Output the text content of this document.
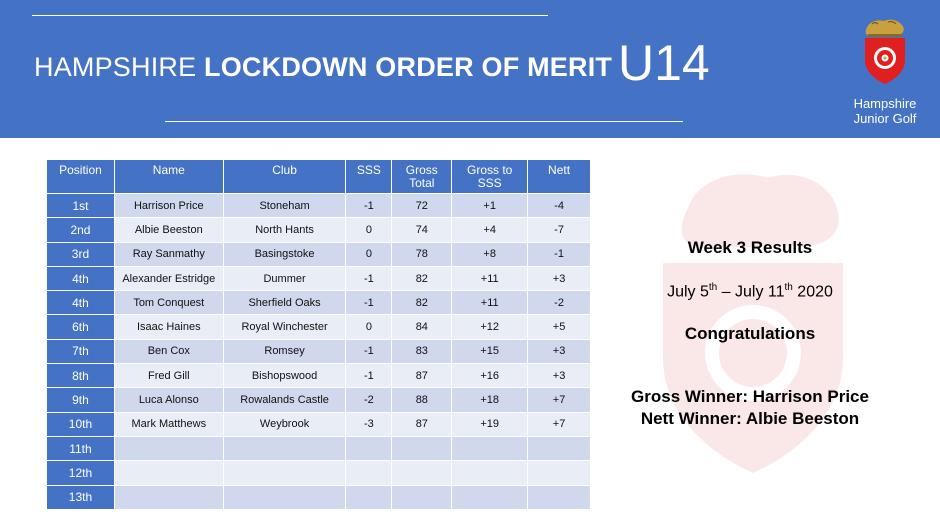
HAMPSHIRE LOCKDOWN ORDER OF MERIT U14
Hampshire
Junior Golf
Position	Name	Club	SSS	Gross Total	Gross to SSS	Nett
1st	Harrison Price	Stoneham	-1	72	+1	-4
2nd	Albie Beeston	North Hants	0	74	+4	-7
3rd	Ray Sanmathy	Basingstoke	0	78	+8	-1
4th	Alexander Estridge	Dummer	-1	82	+11	+3
4th	Tom Conquest	Sherfield Oaks	-1	82	+11	-2
6th	Isaac Haines	Royal Winchester	0	84	+12	+5
7th	Ben Cox	Romsey	-1	83	+15	+3
8th	Fred Gill	Bishopswood	-1	87	+16	+3
9th	Luca Alonso	Rowalands Castle	-2	88	+18	+7
10th	Mark Matthews	Weybrook	-3	87	+19	+7
11th						
12th						
13th						
Week 3 Results
July 5th – July 11th 2020
Congratulations
Gross Winner: Harrison Price
Nett Winner: Albie Beeston
